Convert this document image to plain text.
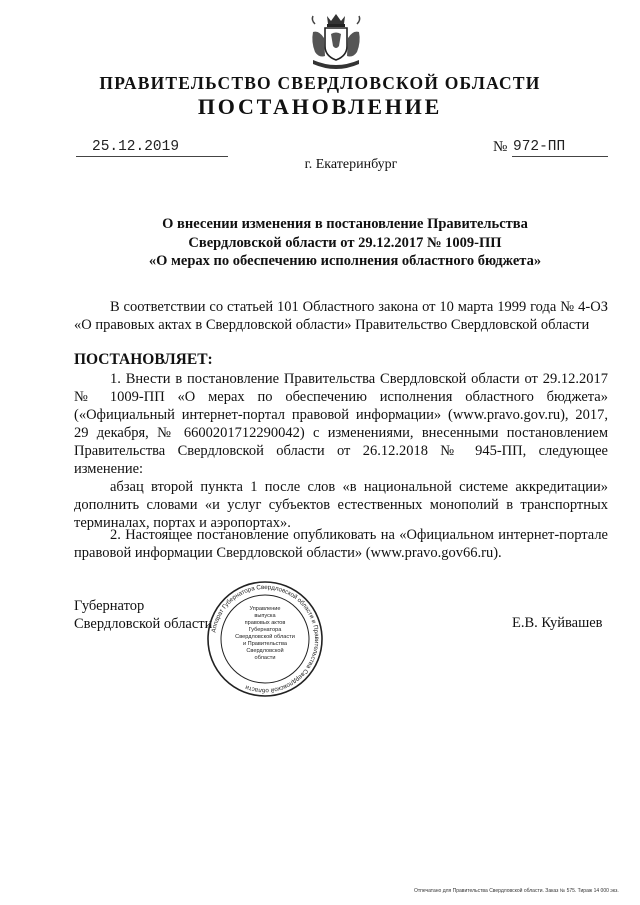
ПРАВИТЕЛЬСТВО СВЕРДЛОВСКОЙ ОБЛАСТИ
ПОСТАНОВЛЕНИЕ
25.12.2019	№ 972-ПП
г. Екатеринбург
О внесении изменения в постановление Правительства
Свердловской области от 29.12.2017 № 1009-ПП
«О мерах по обеспечению исполнения областного бюджета»
В соответствии со статьей 101 Областного закона от 10 марта 1999 года № 4-ОЗ «О правовых актах в Свердловской области» Правительство Свердловской области
ПОСТАНОВЛЯЕТ:
1. Внести в постановление Правительства Свердловской области от 29.12.2017 № 1009-ПП «О мерах по обеспечению исполнения областного бюджета» («Официальный интернет-портал правовой информации» (www.pravo.gov.ru), 2017, 29 декабря, № 6600201712290042) с изменениями, внесенными постановлением Правительства Свердловской области от 26.12.2018 № 945-ПП, следующее изменение:
абзац второй пункта 1 после слов «в национальной системе аккредитации» дополнить словами «и услуг субъектов естественных монополий в транспортных терминалах, портах и аэропортах».
2. Настоящее постановление опубликовать на «Официальном интернет-портале правовой информации Свердловской области» (www.pravo.gov66.ru).
Губернатор
Свердловской области	Е.В. Куйвашев
Аппарат Губернатора Свердловской области и Правительства Свердловской области
Управление
выпуска
правовых актов
Губернатора
Свердловской области
и Правительства
Свердловской
области
Отпечатано для Правительства Свердловской области. Заказ № 575. Тираж 14 000 экз.
